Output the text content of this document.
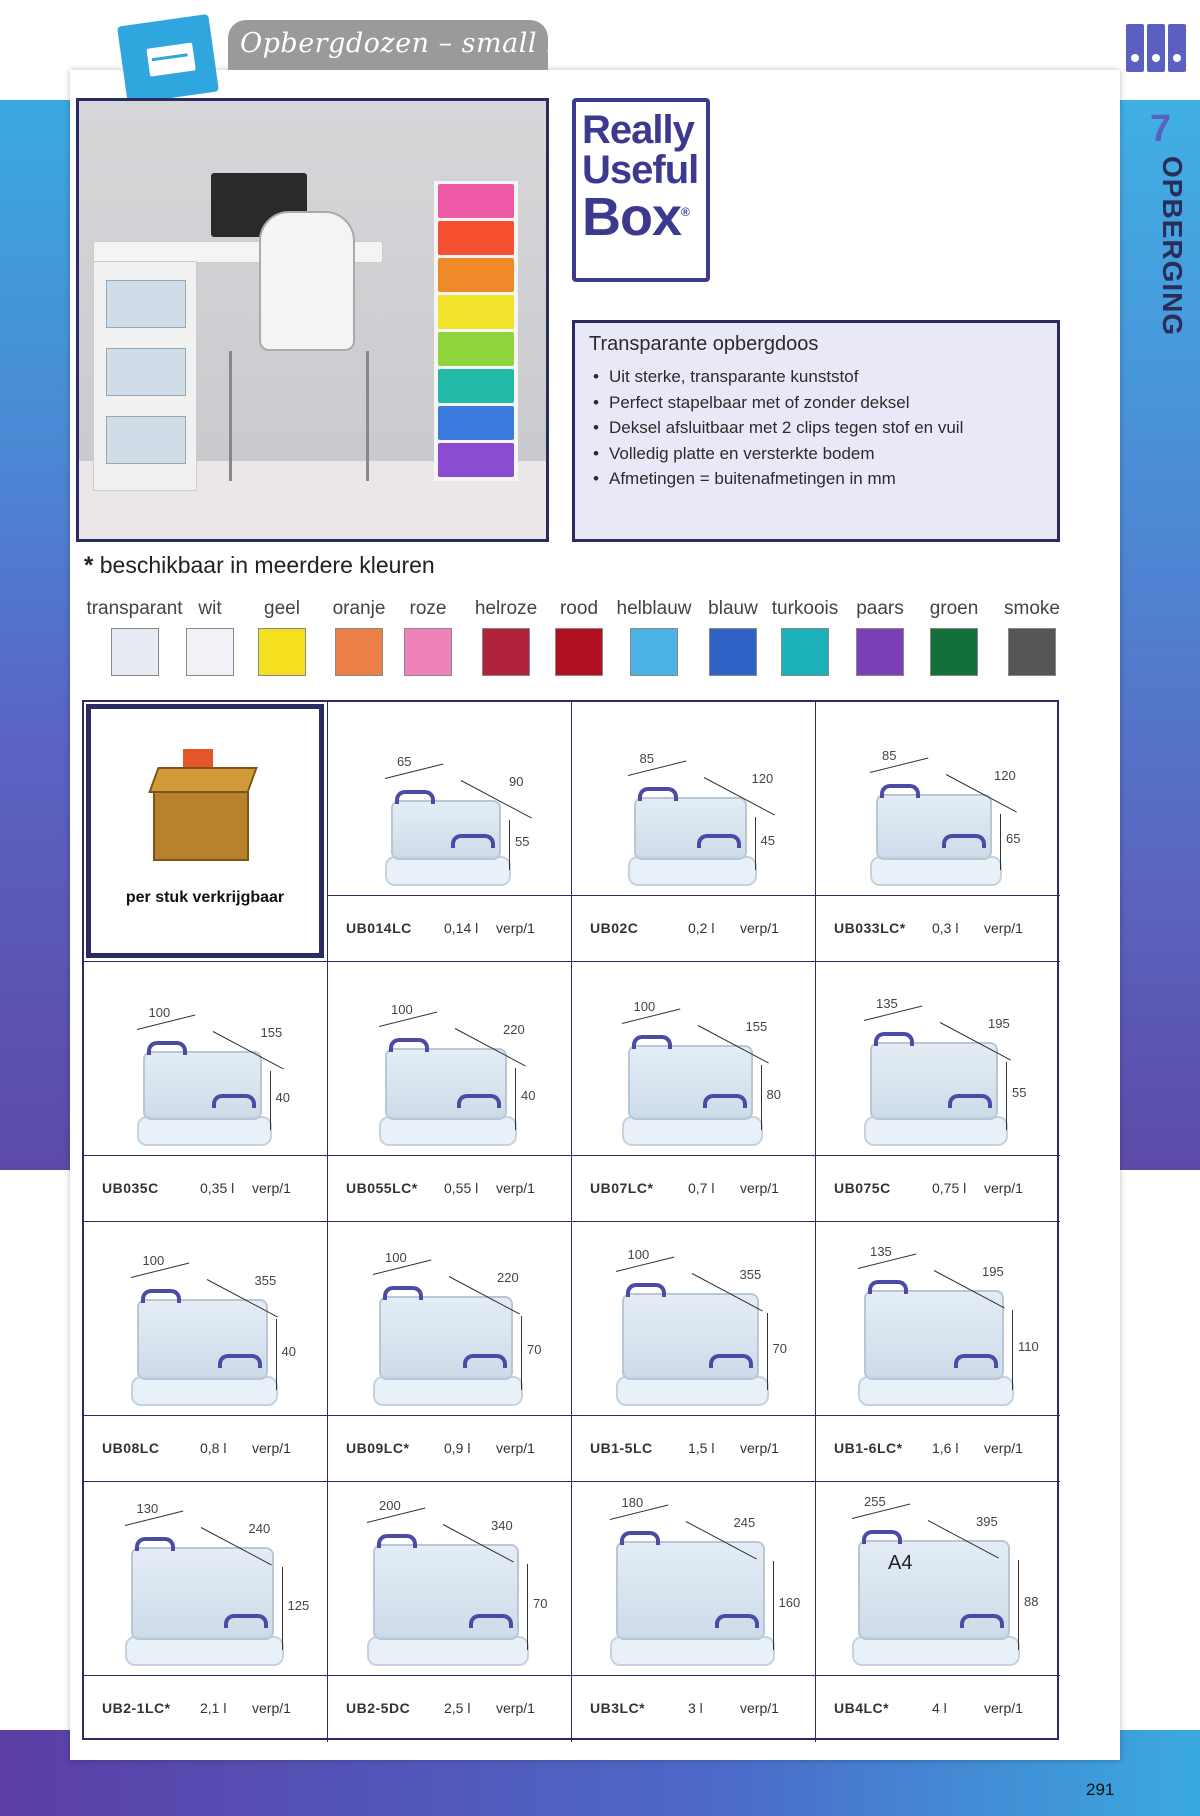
Opbergdozen – small boxes
7
OPBERGING
Really
Useful
Box®
Transparante opbergdoos
• Uit sterke, transparante kunststof
• Perfect stapelbaar met of zonder deksel
• Deksel afsluitbaar met 2 clips tegen stof en vuil
• Volledig platte en versterkte bodem
• Afmetingen = buitenafmetingen in mm
* beschikbaar in meerdere kleuren
transparant wit	geel	oranje roze helroze rood helblauw blauw turkoois paars groen smoke
per stuk verkrijgbaar
65
90
55
UB014LC 0,14 l verp/1
85
120
45
UB02C	0,2 l verp/1
85
120
65
UB033LC* 0,3 l verp/1
100
155
40
UB035C	0,35 l verp/1
100
220
40
UB055LC* 0,55 l verp/1
100
155
80
UB07LC* 0,7 l verp/1
135
195
55
UB075C	0,75 l verp/1
100
355
40
UB08LC	0,8 l verp/1
100
220
70
UB09LC* 0,9 l verp/1
100
355
70
UB1-5LC	1,5 l verp/1
135
195
110
UB1-6LC* 1,6 l verp/1
130
240
125
UB2-1LC* 2,1 l verp/1
200
340
70
UB2-5DC 2,5 l verp/1
180
245
160
UB3LC*	3 l	verp/1
A4
255
395
88
UB4LC*	4 l	verp/1
291
